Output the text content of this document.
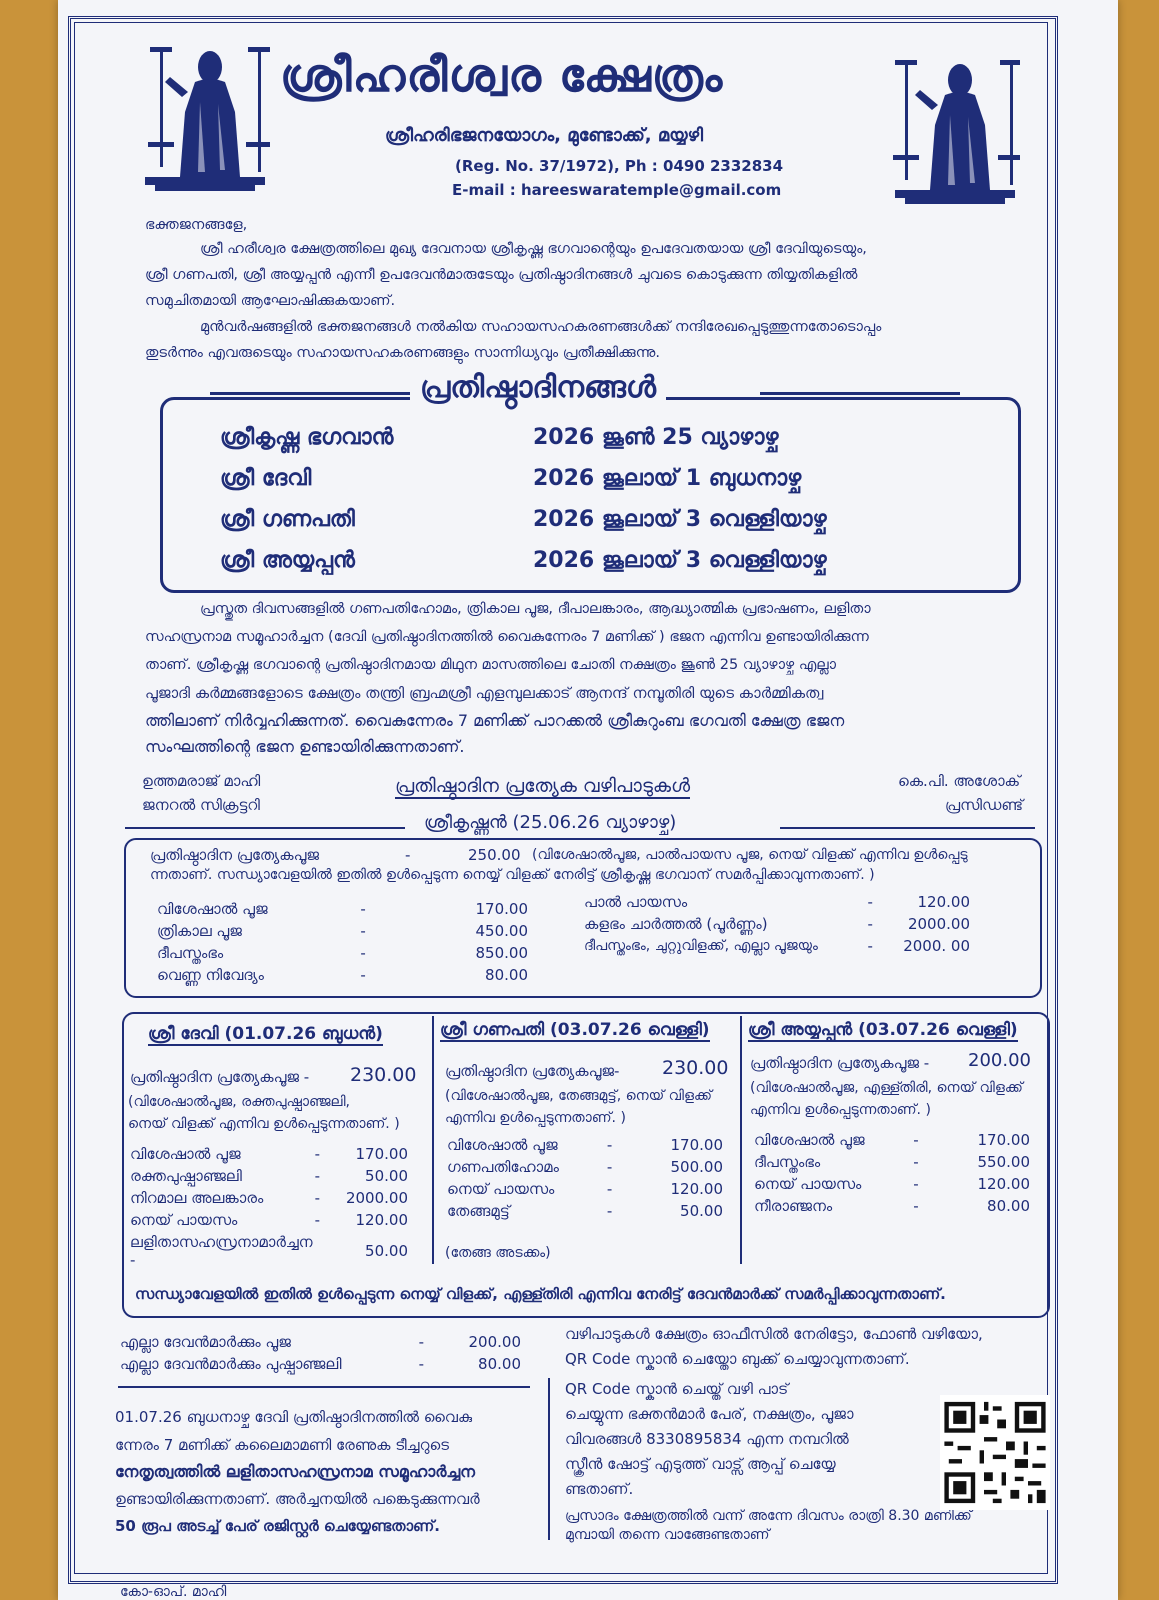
ശ്രീഹരീശ്വര ക്ഷേത്രം
ശ്രീഹരിഭജനയോഗം, മുണ്ടോക്ക്, മയ്യഴി
(Reg. No. 37/1972), Ph : 0490 2332834
E-mail : hareeswaratemple@gmail.com
ഭക്തജനങ്ങളേ,
ശ്രീ ഹരീശ്വര ക്ഷേത്രത്തിലെ മുഖ്യ ദേവനായ ശ്രീകൃഷ്ണ ഭഗവാന്റെയും ഉപദേവതയായ ശ്രീ ദേവിയുടെയും,
ശ്രീ ഗണപതി, ശ്രീ അയ്യപ്പൻ എന്നീ ഉപദേവൻമാരുടേയും പ്രതിഷ്ഠാദിനങ്ങൾ ചുവടെ കൊടുക്കുന്ന തിയ്യതികളിൽ
സമുചിതമായി ആഘോഷിക്കുകയാണ്.
മുൻവർഷങ്ങളിൽ ഭക്തജനങ്ങൾ നൽകിയ സഹായസഹകരണങ്ങൾക്ക് നന്ദിരേഖപ്പെടുത്തുന്നതോടൊപ്പം
തുടർന്നും എവരുടെയും സഹായസഹകരണങ്ങളും സാന്നിധ്യവും പ്രതീക്ഷിക്കുന്നു.
പ്രതിഷ്ഠാദിനങ്ങൾ
ശ്രീകൃഷ്ണ ഭഗവാൻ	2026 ജൂൺ 25 വ്യാഴാഴ്ച
ശ്രീ ദേവി	2026 ജൂലായ് 1 ബുധനാഴ്ച
ശ്രീ ഗണപതി	2026 ജൂലായ് 3 വെള്ളിയാഴ്ച
ശ്രീ അയ്യപ്പൻ	2026 ജൂലായ് 3 വെള്ളിയാഴ്ച
പ്രസ്തുത ദിവസങ്ങളിൽ ഗണപതിഹോമം, ത്രികാല പൂജ, ദീപാലങ്കാരം, ആദ്ധ്യാത്മിക പ്രഭാഷണം, ലളിതാ
സഹസ്രനാമ സമൂഹാർച്ചന (ദേവി പ്രതിഷ്ഠാദിനത്തിൽ വൈകുന്നേരം 7 മണിക്ക് ) ഭജന എന്നിവ ഉണ്ടായിരിക്കുന്ന
താണ്. ശ്രീകൃഷ്ണ ഭഗവാന്റെ പ്രതിഷ്ഠാദിനമായ മിഥുന മാസത്തിലെ ചോതി നക്ഷത്രം ജൂൺ 25 വ്യാഴാഴ്ച എല്ലാ
പൂജാദി കർമ്മങ്ങളോടെ ക്ഷേത്രം തന്ത്രി ബ്രഹ്മശ്രീ എളമ്പുലക്കാട് ആനന്ദ് നമ്പൂതിരി യുടെ കാർമ്മികത്വ
ത്തിലാണ് നിർവ്വഹിക്കുന്നത്. വൈകുന്നേരം 7 മണിക്ക് പാറക്കൽ ശ്രീകുറുംബ ഭഗവതി ക്ഷേത്ര ഭജന
സംഘത്തിന്റെ ഭജന ഉണ്ടായിരിക്കുന്നതാണ്.
ഉത്തമരാജ് മാഹി
ജനറൽ സിക്രട്ടറി
കെ.പി. അശോക്
പ്രസിഡണ്ട്
പ്രതിഷ്ഠാദിന പ്രത്യേക വഴിപാടുകൾ
ശ്രീകൃഷ്ണൻ (25.06.26 വ്യാഴാഴ്ച)
പ്രതിഷ്ഠാദിന പ്രത്യേകപൂജ	-	250.00 (വിശേഷാൽപൂജ, പാൽപായസ പൂജ, നെയ് വിളക്ക് എന്നിവ ഉൾപ്പെടു
ന്നതാണ്. സന്ധ്യാവേളയിൽ ഇതിൽ ഉൾപ്പെടുന്ന നെയ്യ് വിളക്ക് നേരിട്ട് ശ്രീകൃഷ്ണ ഭഗവാന് സമർപ്പിക്കാവുന്നതാണ്. )
വിശേഷാൽ പൂജ	-	170.00
ത്രികാല പൂജ	-	450.00
ദീപസ്തംഭം	-	850.00
വെണ്ണ നിവേദ്യം	-	80.00
പാൽ പായസം	-	120.00
കളഭം ചാർത്തൽ (പൂർണ്ണം)	-	2000.00
ദീപസ്തംഭം, ചുറ്റുവിളക്ക്, എല്ലാ പൂജയും	-	2000. 00
ശ്രീ ദേവി (01.07.26 ബുധൻ)
പ്രതിഷ്ഠാദിന പ്രത്യേകപൂജ - 230.00
(വിശേഷാൽപൂജ, രക്തപുഷ്പാഞ്ജലി,
നെയ് വിളക്ക് എന്നിവ ഉൾപ്പെടുന്നതാണ്. )
വിശേഷാൽ പൂജ	-	170.00
രക്തപുഷ്പാഞ്ജലി	-	50.00
നിറമാല അലങ്കാരം	-	2000.00
നെയ് പായസം	-	120.00
ലളിതാസഹസ്രനാമാർച്ചന -		50.00
ശ്രീ ഗണപതി (03.07.26 വെള്ളി)
പ്രതിഷ്ഠാദിന പ്രത്യേകപൂജ- 230.00
(വിശേഷാൽപൂജ, തേങ്ങമുട്ട്, നെയ് വിളക്ക്
എന്നിവ ഉൾപ്പെടുന്നതാണ്. )
വിശേഷാൽ പൂജ	-	170.00
ഗണപതിഹോമം	-	500.00
നെയ് പായസം	-	120.00
തേങ്ങമുട്ട്	-	50.00
(തേങ്ങ അടക്കം)
ശ്രീ അയ്യപ്പൻ (03.07.26 വെള്ളി)
പ്രതിഷ്ഠാദിന പ്രത്യേകപൂജ - 200.00
(വിശേഷാൽപൂജ, എള്ള്തിരി, നെയ് വിളക്ക്
എന്നിവ ഉൾപ്പെടുന്നതാണ്. )
വിശേഷാൽ പൂജ	-	170.00
ദീപസ്തംഭം	-	550.00
നെയ് പായസം	-	120.00
നീരാഞ്ജനം	-	80.00
സന്ധ്യാവേളയിൽ ഇതിൽ ഉൾപ്പെടുന്ന നെയ്യ് വിളക്ക്, എള്ള്തിരി എന്നിവ നേരിട്ട് ദേവൻമാർക്ക് സമർപ്പിക്കാവുന്നതാണ്.
എല്ലാ ദേവൻമാർക്കും പൂജ	-	200.00
എല്ലാ ദേവൻമാർക്കും പുഷ്പാഞ്ജലി	-	80.00
വഴിപാടുകൾ ക്ഷേത്രം ഓഫീസിൽ നേരിട്ടോ, ഫോൺ വഴിയോ,
QR Code സ്കാൻ ചെയ്തോ ബുക്ക് ചെയ്യാവുന്നതാണ്.
01.07.26 ബുധനാഴ്ച ദേവി പ്രതിഷ്ഠാദിനത്തിൽ വൈകു
ന്നേരം 7 മണിക്ക് കലൈമാമണി രേണുക ടീച്ചറുടെ
നേതൃത്വത്തിൽ ലളിതാസഹസ്രനാമ സമൂഹാർച്ചന
ഉണ്ടായിരിക്കുന്നതാണ്. അർച്ചനയിൽ പങ്കെടുക്കുന്നവർ
50 രൂപ അടച്ച് പേര് രജിസ്റ്റർ ചെയ്യേണ്ടതാണ്.
QR Code സ്കാൻ ചെയ്ത് വഴി പാട്
ചെയ്യുന്ന ഭക്തൻമാർ പേര്, നക്ഷത്രം, പൂജാ
വിവരങ്ങൾ 8330895834 എന്ന നമ്പറിൽ
സ്ക്രീൻ ഷോട്ട് എടുത്ത് വാട്സ് ആപ്പ് ചെയ്യേ
ണ്ടതാണ്.
പ്രസാദം ക്ഷേത്രത്തിൽ വന്ന് അന്നേ ദിവസം രാത്രി 8.30 മണിക്ക്
മുമ്പായി തന്നെ വാങ്ങേണ്ടതാണ്
കോ-ഓപ്. മാഹി
